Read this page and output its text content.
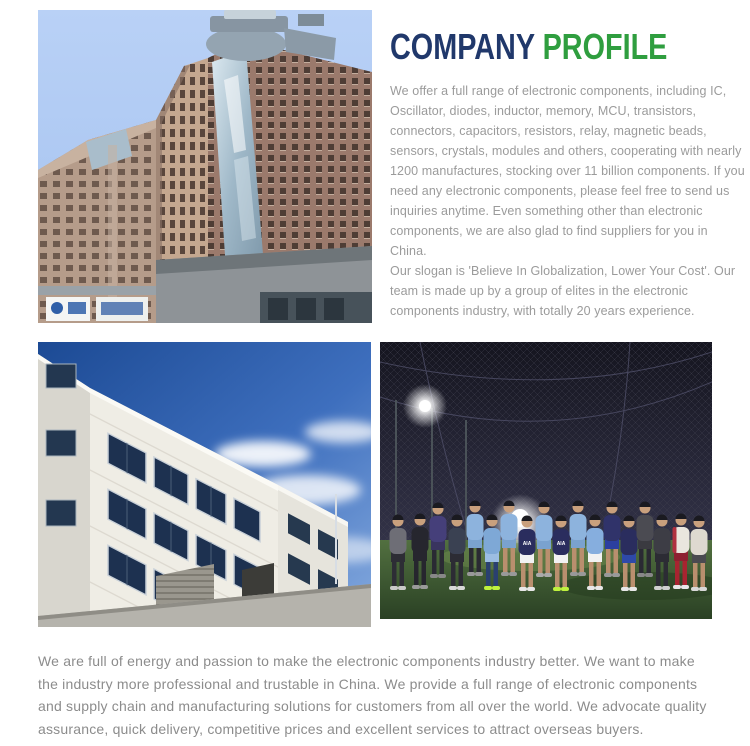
COMPANY PROFILE

We offer a full range of electronic components, including IC, Oscillator, diodes, inductor, memory, MCU, transistors, connectors, capacitors, resistors, relay, magnetic beads, sensors, crystals, modules and others, cooperating with nearly 1200 manufactures, stocking over 11 billion components. If you need any electronic components, please feel free to send us inquiries anytime. Even something other than electronic components, we are also glad to find suppliers for you in China.

Our slogan is 'Believe In Globalization, Lower Your Cost'. Our team is made up by a group of elites in the electronic components industry, with totally 20 years experience.

AIA	AIA
We are full of energy and passion to make the electronic components industry better. We want to make the industry more professional and trustable in China. We provide a full range of electronic components and supply chain and manufacturing solutions for customers from all over the world. We advocate quality assurance, quick delivery, competitive prices and excellent services to attract overseas buyers.
